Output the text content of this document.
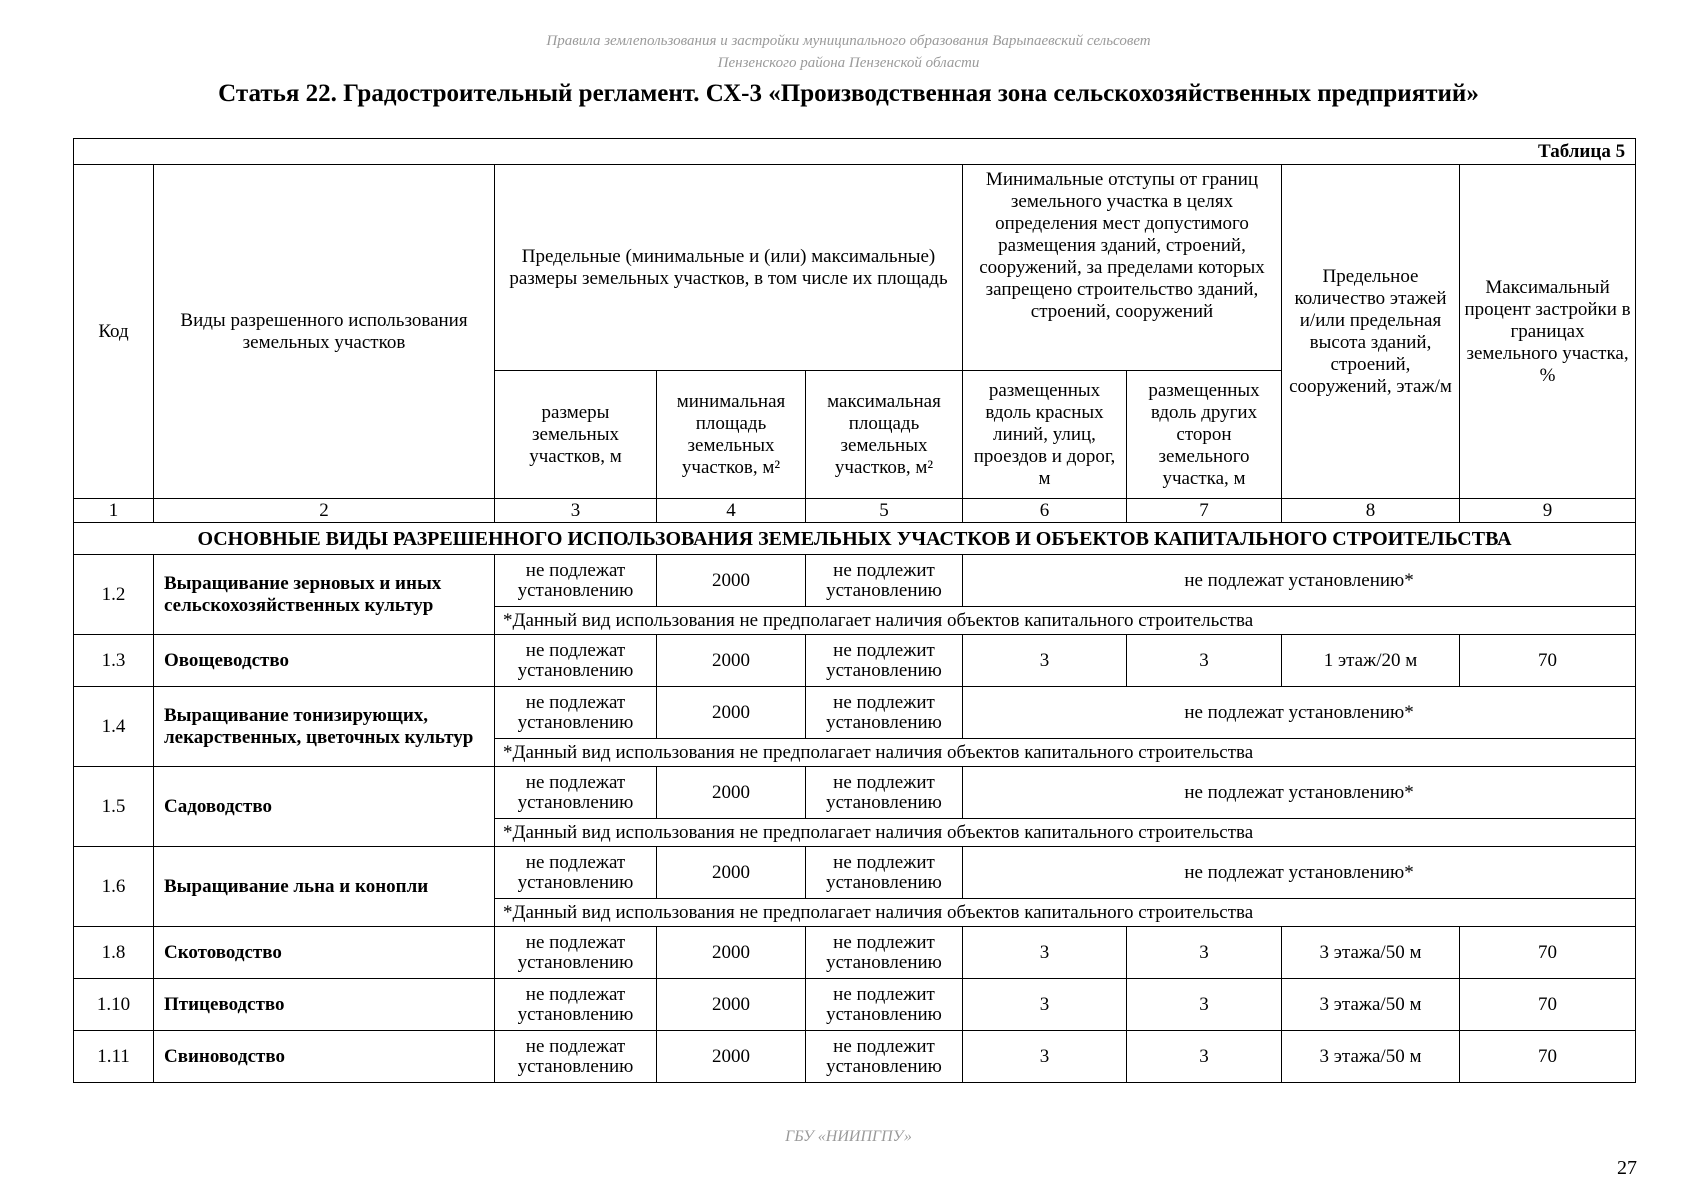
Правила землепользования и застройки муниципального образования Варыпаевский сельсовет
Пензенского района Пензенской области
Статья 22. Градостроительный регламент. СХ-3 «Производственная зона сельскохозяйственных предприятий»
Таблица 5								
Код	Виды разрешенного использования земельных участков	Предельные (минимальные и (или) максимальные) размеры земельных участков, в том числе их площадь			Минимальные отступы от границ земельного участка в целях определения мест допустимого размещения зданий, строений, сооружений, за пределами которых запрещено строительство зданий, строений, сооружений		Предельное количество этажей и/или предельная высота зданий, строений, сооружений, этаж/м	Максимальный процент застройки в границах земельного участка, %
		размеры земельных участков, м	минимальная площадь земельных участков, м²	максимальная площадь земельных участков, м²	размещенных вдоль красных линий, улиц, проездов и дорог, м	размещенных вдоль других сторон земельного участка, м		
1	2	3	4	5	6	7	8	9
ОСНОВНЫЕ ВИДЫ РАЗРЕШЕННОГО ИСПОЛЬЗОВАНИЯ ЗЕМЕЛЬНЫХ УЧАСТКОВ И ОБЪЕКТОВ КАПИТАЛЬНОГО СТРОИТЕЛЬСТВА								
1.2	Выращивание зерновых и иных сельскохозяйственных культур	не подлежат установлению	2000	не подлежит установлению	не подлежат установлению*			
		*Данный вид использования не предполагает наличия объектов капитального строительства						
1.3	Овощеводство	не подлежат установлению	2000	не подлежит установлению	3	3	1 этаж/20 м	70
1.4	Выращивание тонизирующих, лекарственных, цветочных культур	не подлежат установлению	2000	не подлежит установлению	не подлежат установлению*			
		*Данный вид использования не предполагает наличия объектов капитального строительства						
1.5	Садоводство	не подлежат установлению	2000	не подлежит установлению	не подлежат установлению*			
		*Данный вид использования не предполагает наличия объектов капитального строительства						
1.6	Выращивание льна и конопли	не подлежат установлению	2000	не подлежит установлению	не подлежат установлению*			
		*Данный вид использования не предполагает наличия объектов капитального строительства						
1.8	Скотоводство	не подлежат установлению	2000	не подлежит установлению	3	3	3 этажа/50 м	70
1.10	Птицеводство	не подлежат установлению	2000	не подлежит установлению	3	3	3 этажа/50 м	70
1.11	Свиноводство	не подлежат установлению	2000	не подлежит установлению	3	3	3 этажа/50 м	70
ГБУ «НИИПГПУ»
27
